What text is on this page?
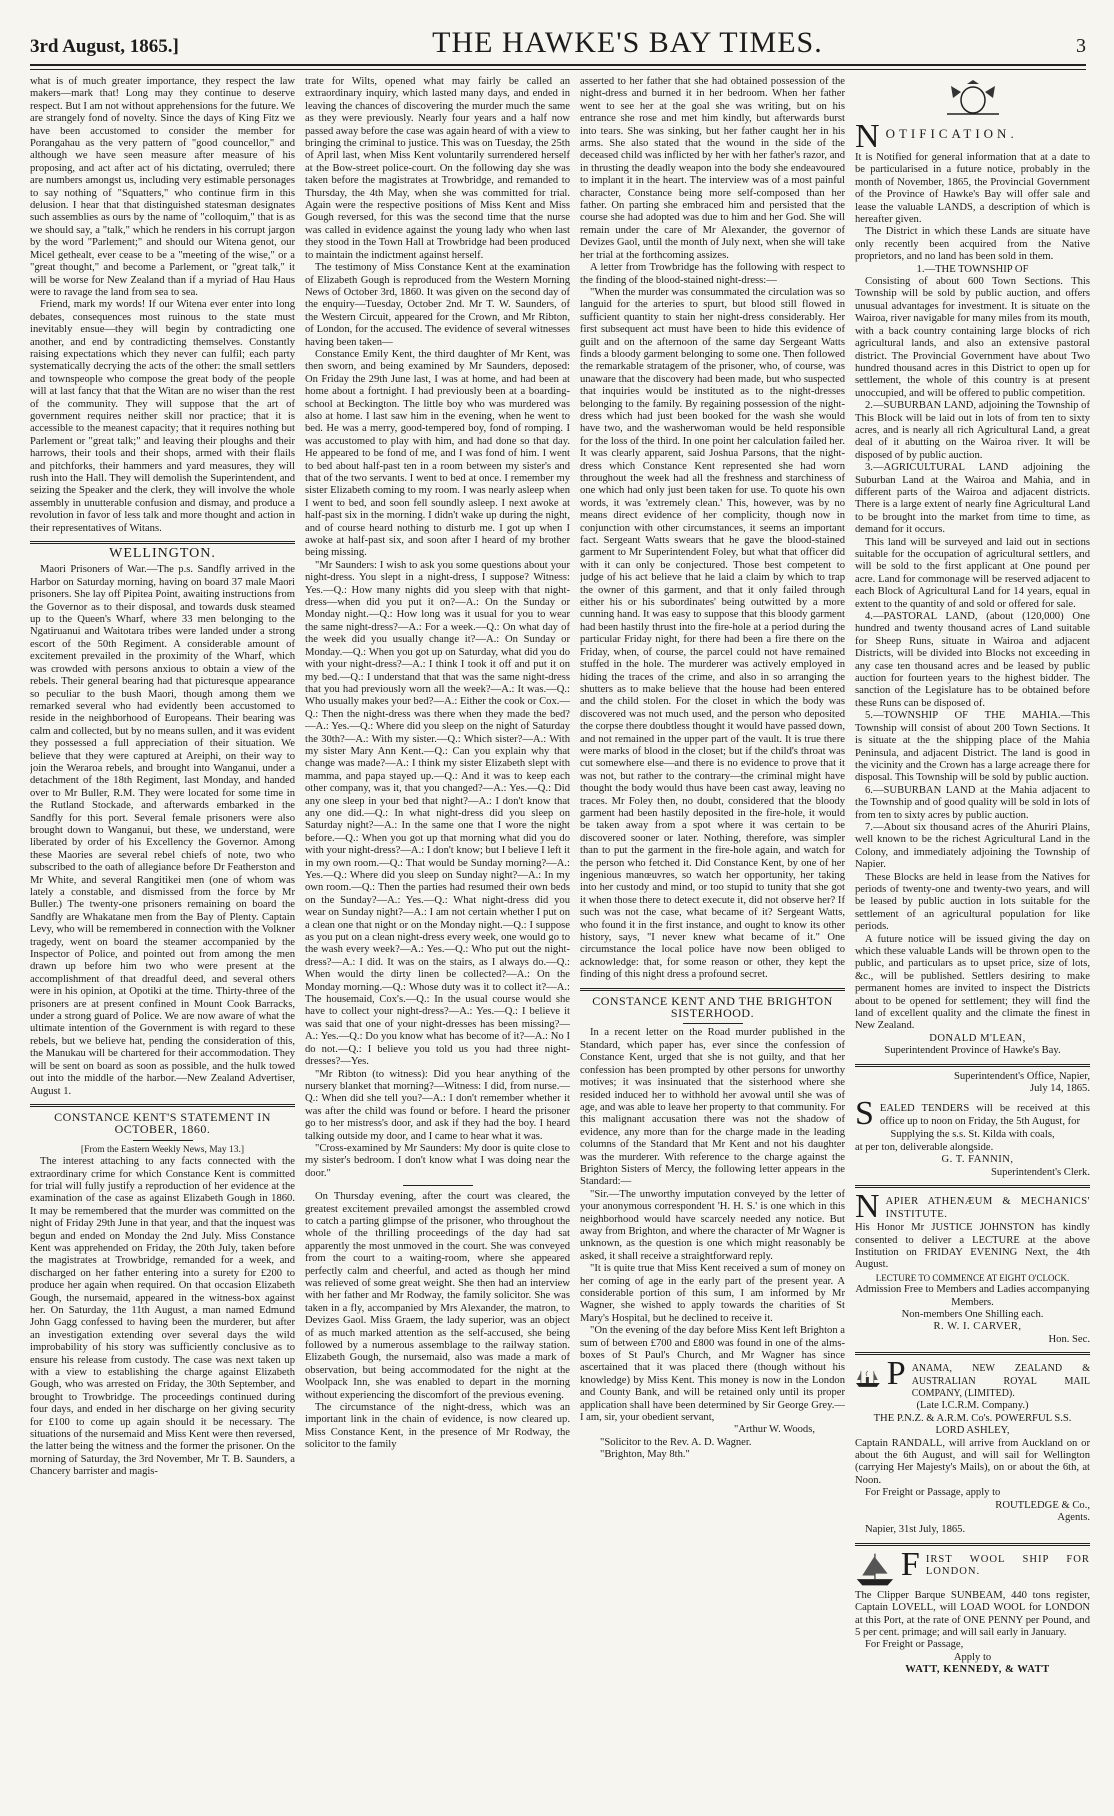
3rd August, 1865.]	THE HAWKE'S BAY TIMES.	3

what is of much greater importance, they respect the law makers—mark that! Long may they continue to deserve respect. But I am not without apprehensions for the future. We are strangely fond of novelty. Since the days of King Fitz we have been accustomed to consider the member for Porangahau as the very pattern of "good councellor," and although we have seen measure after measure of his proposing, and act after act of his dictating, overruled; there are numbers amongst us, including very estimable personages to say nothing of "Squatters," who continue firm in this delusion. I hear that that distinguished statesman designates such assemblies as ours by the name of "colloquim," that is as we should say, a "talk," which he renders in his corrupt jargon by the word "Parlement;" and should our Witena genot, our Micel gethealt, ever cease to be a "meeting of the wise," or a "great thought," and become a Parlement, or "great talk," it will be worse for New Zealand than if a myriad of Hau Haus were to ravage the land from sea to sea.

Friend, mark my words! If our Witena ever enter into long debates, consequences most ruinous to the state must inevitably ensue—they will begin by contradicting one another, and end by contradicting themselves. Constantly raising expectations which they never can fulfil; each party systematically decrying the acts of the other: the small settlers and townspeople who compose the great body of the people will at last fancy that that the Witan are no wiser than the rest of the community. They will suppose that the art of government requires neither skill nor practice; that it is accessible to the meanest capacity; that it requires nothing but Parlement or "great talk;" and leaving their ploughs and their harrows, their tools and their shops, armed with their flails and pitchforks, their hammers and yard measures, they will rush into the Hall. They will demolish the Superintendent, and seizing the Speaker and the clerk, they will involve the whole assembly in unutterable confusion and dismay, and produce a revolution in favor of less talk and more thought and action in their representatives of Witans.

WELLINGTON.

Maori Prisoners of War.—The p.s. Sandfly arrived in the Harbor on Saturday morning, having on board 37 male Maori prisoners. She lay off Pipitea Point, awaiting instructions from the Governor as to their disposal, and towards dusk steamed up to the Queen's Wharf, where 33 men belonging to the Ngatiruanui and Waitotara tribes were landed under a strong escort of the 50th Regiment. A considerable amount of excitement prevailed in the proximity of the Wharf, which was crowded with persons anxious to obtain a view of the rebels. Their general bearing had that picturesque appearance so peculiar to the bush Maori, though among them we remarked several who had evidently been accustomed to reside in the neighborhood of Europeans. Their bearing was calm and collected, but by no means sullen, and it was evident they possessed a full appreciation of their situation. We believe that they were captured at Areiphi, on their way to join the Weraroa rebels, and brought into Wanganui, under a detachment of the 18th Regiment, last Monday, and handed over to Mr Buller, R.M. They were located for some time in the Rutland Stockade, and afterwards embarked in the Sandfly for this port. Several female prisoners were also brought down to Wanganui, but these, we understand, were liberated by order of his Excellency the Governor. Among these Maories are several rebel chiefs of note, two who subscribed to the oath of allegiance before Dr Featherston and Mr White, and several Rangitikei men (one of whom was lately a constable, and dismissed from the force by Mr Buller.) The twenty-one prisoners remaining on board the Sandfly are Whakatane men from the Bay of Plenty. Captain Levy, who will be remembered in connection with the Volkner tragedy, went on board the steamer accompanied by the Inspector of Police, and pointed out from among the men drawn up before him two who were present at the accomplishment of that dreadful deed, and several others were in his opinion, at Opotiki at the time. Thirty-three of the prisoners are at present confined in Mount Cook Barracks, under a strong guard of Police. We are now aware of what the ultimate intention of the Government is with regard to these rebels, but we believe hat, pending the consideration of this, the Manukau will be chartered for their accommodation. They will be sent on board as soon as possible, and the hulk towed out into the middle of the harbor.—New Zealand Advertiser, August 1.

CONSTANCE KENT'S STATEMENT IN OCTOBER, 1860.

[From the Eastern Weekly News, May 13.]

The interest attaching to any facts connected with the extraordinary crime for which Constance Kent is committed for trial will fully justify a reproduction of her evidence at the examination of the case as against Elizabeth Gough in 1860. It may be remembered that the murder was committed on the night of Friday 29th June in that year, and that the inquest was begun and ended on Monday the 2nd July. Miss Constance Kent was apprehended on Friday, the 20th July, taken before the magistrates at Trowbridge, remanded for a week, and discharged on her father entering into a surety for £200 to produce her again when required. On that occasion Elizabeth Gough, the nursemaid, appeared in the witness-box against her. On Saturday, the 11th August, a man named Edmund John Gagg confessed to having been the murderer, but after an investigation extending over several days the wild improbability of his story was sufficiently conclusive as to ensure his release from custody. The case was next taken up with a view to establishing the charge against Elizabeth Gough, who was arrested on Friday, the 30th September, and brought to Trowbridge. The proceedings continued during four days, and ended in her discharge on her giving security for £100 to come up again should it be necessary. The situations of the nursemaid and Miss Kent were then reversed, the latter being the witness and the former the prisoner. On the morning of Saturday, the 3rd November, Mr T. B. Saunders, a Chancery barrister and magis-

trate for Wilts, opened what may fairly be called an extraordinary inquiry, which lasted many days, and ended in leaving the chances of discovering the murder much the same as they were previously. Nearly four years and a half now passed away before the case was again heard of with a view to bringing the criminal to justice. This was on Tuesday, the 25th of April last, when Miss Kent voluntarily surrendered herself at the Bow-street police-court. On the following day she was taken before the magistrates at Trowbridge, and remanded to Thursday, the 4th May, when she was committed for trial. Again were the respective positions of Miss Kent and Miss Gough reversed, for this was the second time that the nurse was called in evidence against the young lady who when last they stood in the Town Hall at Trowbridge had been produced to maintain the indictment against herself.

The testimony of Miss Constance Kent at the examination of Elizabeth Gough is reproduced from the Western Morning News of October 3rd, 1860. It was given on the second day of the enquiry—Tuesday, October 2nd. Mr T. W. Saunders, of the Western Circuit, appeared for the Crown, and Mr Ribton, of London, for the accused. The evidence of several witnesses having been taken—

Constance Emily Kent, the third daughter of Mr Kent, was then sworn, and being examined by Mr Saunders, deposed: On Friday the 29th June last, I was at home, and had been at home about a fortnight. I had previously been at a boarding-school at Beckington. The little boy who was murdered was also at home. I last saw him in the evening, when he went to bed. He was a merry, good-tempered boy, fond of romping. I was accustomed to play with him, and had done so that day. He appeared to be fond of me, and I was fond of him. I went to bed about half-past ten in a room between my sister's and that of the two servants. I went to bed at once. I remember my sister Elizabeth coming to my room. I was nearly asleep when I went to bed, and soon fell soundly asleep. I next awoke at half-past six in the morning. I didn't wake up during the night, and of course heard nothing to disturb me. I got up when I awoke at half-past six, and soon after I heard of my brother being missing.

"Mr Saunders: I wish to ask you some questions about your night-dress. You slept in a night-dress, I suppose? Witness: Yes.—Q.: How many nights did you sleep with that night-dress—when did you put it on?—A.: On the Sunday or Monday night.—Q.: How long was it usual for you to wear the same night-dress?—A.: For a week.—Q.: On what day of the week did you usually change it?—A.: On Sunday or Monday.—Q.: When you got up on Saturday, what did you do with your night-dress?—A.: I think I took it off and put it on my bed.—Q.: I understand that that was the same night-dress that you had previously worn all the week?—A.: It was.—Q.: Who usually makes your bed?—A.: Either the cook or Cox.—Q.: Then the night-dress was there when they made the bed?—A.: Yes.—Q.: Where did you sleep on the night of Saturday the 30th?—A.: With my sister.—Q.: Which sister?—A.: With my sister Mary Ann Kent.—Q.: Can you explain why that change was made?—A.: I think my sister Elizabeth slept with mamma, and papa stayed up.—Q.: And it was to keep each other company, was it, that you changed?—A.: Yes.—Q.: Did any one sleep in your bed that night?—A.: I don't know that any one did.—Q.: In what night-dress did you sleep on Saturday night?—A.: In the same one that I wore the night before.—Q.: When you got up that morning what did you do with your night-dress?—A.: I don't know; but I believe I left it in my own room.—Q.: That would be Sunday morning?—A.: Yes.—Q.: Where did you sleep on Sunday night?—A.: In my own room.—Q.: Then the parties had resumed their own beds on the Sunday?—A.: Yes.—Q.: What night-dress did you wear on Sunday night?—A.: I am not certain whether I put on a clean one that night or on the Monday night.—Q.: I suppose as you put on a clean night-dress every week, one would go to the wash every week?—A.: Yes.—Q.: Who put out the night-dress?—A.: I did. It was on the stairs, as I always do.—Q.: When would the dirty linen be collected?—A.: On the Monday morning.—Q.: Whose duty was it to collect it?—A.: The housemaid, Cox's.—Q.: In the usual course would she have to collect your night-dress?—A.: Yes.—Q.: I believe it was said that one of your night-dresses has been missing?—A.: Yes.—Q.: Do you know what has become of it?—A.: No I do not.—Q.: I believe you told us you had three night-dresses?—Yes.

"Mr Ribton (to witness): Did you hear anything of the nursery blanket that morning?—Witness: I did, from nurse.—Q.: When did she tell you?—A.: I don't remember whether it was after the child was found or before. I heard the prisoner go to her mistress's door, and ask if they had the boy. I heard talking outside my door, and I came to hear what it was.

"Cross-examined by Mr Saunders: My door is quite close to my sister's bedroom. I don't know what I was doing near the door."

On Thursday evening, after the court was cleared, the greatest excitement prevailed amongst the assembled crowd to catch a parting glimpse of the prisoner, who throughout the whole of the thrilling proceedings of the day had sat apparently the most unmoved in the court. She was conveyed from the court to a waiting-room, where she appeared perfectly calm and cheerful, and acted as though her mind was relieved of some great weight. She then had an interview with her father and Mr Rodway, the family solicitor. She was taken in a fly, accompanied by Mrs Alexander, the matron, to Devizes Gaol. Miss Graem, the lady superior, was an object of as much marked attention as the self-accused, she being followed by a numerous assemblage to the railway station. Elizabeth Gough, the nursemaid, also was made a mark of observation, but being accommodated for the night at the Woolpack Inn, she was enabled to depart in the morning without experiencing the discomfort of the previous evening.

The circumstance of the night-dress, which was an important link in the chain of evidence, is now cleared up. Miss Constance Kent, in the presence of Mr Rodway, the solicitor to the family

asserted to her father that she had obtained possession of the night-dress and burned it in her bedroom. When her father went to see her at the goal she was writing, but on his entrance she rose and met him kindly, but afterwards burst into tears. She was sinking, but her father caught her in his arms. She also stated that the wound in the side of the deceased child was inflicted by her with her father's razor, and in thrusting the deadly weapon into the body she endeavoured to implant it in the heart. The interview was of a most painful character, Constance being more self-composed than her father. On parting she embraced him and persisted that the course she had adopted was due to him and her God. She will remain under the care of Mr Alexander, the governor of Devizes Gaol, until the month of July next, when she will take her trial at the forthcoming assizes.

A letter from Trowbridge has the following with respect to the finding of the blood-stained night-dress:—

"When the murder was consummated the circulation was so languid for the arteries to spurt, but blood still flowed in sufficient quantity to stain her night-dress considerably. Her first subsequent act must have been to hide this evidence of guilt and on the afternoon of the same day Sergeant Watts finds a bloody garment belonging to some one. Then followed the remarkable stratagem of the prisoner, who, of course, was unaware that the discovery had been made, but who suspected that inquiries would be instituted as to the night-dresses belonging to the family. By regaining possession of the night-dress which had just been booked for the wash she would have two, and the washerwoman would be held responsible for the loss of the third. In one point her calculation failed her. It was clearly apparent, said Joshua Parsons, that the night-dress which Constance Kent represented she had worn throughout the week had all the freshness and starchiness of one which had only just been taken for use. To quote his own words, it was 'extremely clean.' This, however, was by no means direct evidence of her complicity, though now in conjunction with other circumstances, it seems an important fact. Sergeant Watts swears that he gave the blood-stained garment to Mr Superintendent Foley, but what that officer did with it can only be conjectured. Those best competent to judge of his act believe that he laid a claim by which to trap the owner of this garment, and that it only failed through either his or his subordinates' being outwitted by a more cunning hand. It was easy to suppose that this bloody garment had been hastily thrust into the fire-hole at a period during the particular Friday night, for there had been a fire there on the Friday, when, of course, the parcel could not have remained stuffed in the hole. The murderer was actively employed in hiding the traces of the crime, and also in so arranging the shutters as to make believe that the house had been entered and the child stolen. For the closet in which the body was discovered was not much used, and the person who deposited the corpse there doubtless thought it would have passed down, and not remained in the upper part of the vault. It is true there were marks of blood in the closet; but if the child's throat was cut somewhere else—and there is no evidence to prove that it was not, but rather to the contrary—the criminal might have thought the body would thus have been cast away, leaving no traces. Mr Foley then, no doubt, considered that the bloody garment had been hastily deposited in the fire-hole, it would be taken away from a spot where it was certain to be discovered sooner or later. Nothing, therefore, was simpler than to put the garment in the fire-hole again, and watch for the person who fetched it. Did Constance Kent, by one of her ingenious manœuvres, so watch her opportunity, her taking into her custody and mind, or too stupid to tunity that she got it when those there to detect execute it, did not observe her? If such was not the case, what became of it? Sergeant Watts, who found it in the first instance, and ought to know its other history, says, "I never knew what became of it." One circumstance the local police have now been obliged to acknowledge: that, for some reason or other, they kept the finding of this night dress a profound secret.

CONSTANCE KENT AND THE BRIGHTON SISTERHOOD.

In a recent letter on the Road murder published in the Standard, which paper has, ever since the confession of Constance Kent, urged that she is not guilty, and that her confession has been prompted by other persons for unworthy motives; it was insinuated that the sisterhood where she resided induced her to withhold her avowal until she was of age, and was able to leave her property to that community. For this malignant accusation there was not the shadow of evidence, any more than for the charge made in the leading columns of the Standard that Mr Kent and not his daughter was the murderer. With reference to the charge against the Brighton Sisters of Mercy, the following letter appears in the Standard:—

"Sir.—The unworthy imputation conveyed by the letter of your anonymous correspondent 'H. H. S.' is one which in this neighborhood would have scarcely needed any notice. But away from Brighton, and where the character of Mr Wagner is unknown, as the question is one which might reasonably be asked, it shall receive a straightforward reply.

"It is quite true that Miss Kent received a sum of money on her coming of age in the early part of the present year. A considerable portion of this sum, I am informed by Mr Wagner, she wished to apply towards the charities of St Mary's Hospital, but he declined to receive it.

"On the evening of the day before Miss Kent left Brighton a sum of between £700 and £800 was found in one of the alms-boxes of St Paul's Church, and Mr Wagner has since ascertained that it was placed there (though without his knowledge) by Miss Kent. This money is now in the London and County Bank, and will be retained only until its proper application shall have been determined by Sir George Grey.—I am, sir, your obedient servant,

"Arthur W. Woods,

"Solicitor to the Rev. A. D. Wagner.

"Brighton, May 8th."

N OTIFICATION.

It is Notified for general information that at a date to be particularised in a future notice, probably in the month of November, 1865, the Provincial Government of the Province of Hawke's Bay will offer sale and lease the valuable LANDS, a description of which is hereafter given.

The District in which these Lands are situate have only recently been acquired from the Native proprietors, and no land has been sold in them.

1.—THE TOWNSHIP OF

Consisting of about 600 Town Sections. This Township will be sold by public auction, and offers unusual advantages for investment. It is situate on the Wairoa, river navigable for many miles from its mouth, with a back country containing large blocks of rich agricultural lands, and also an extensive pastoral district. The Provincial Government have about Two hundred thousand acres in this District to open up for settlement, the whole of this country is at present unoccupied, and will be offered to public competition.

2.—SUBURBAN LAND, adjoining the Township of This Block will be laid out in lots of from ten to sixty acres, and is nearly all rich Agricultural Land, a great deal of it abutting on the Wairoa river. It will be disposed of by public auction.

3.—AGRICULTURAL LAND adjoining the Suburban Land at the Wairoa and Mahia, and in different parts of the Wairoa and adjacent districts. There is a large extent of nearly fine Agricultural Land to be brought into the market from time to time, as demand for it occurs.

This land will be surveyed and laid out in sections suitable for the occupation of agricultural settlers, and will be sold to the first applicant at One pound per acre. Land for commonage will be reserved adjacent to each Block of Agricultural Land for 14 years, equal in extent to the quantity of and sold or offered for sale.

4.—PASTORAL LAND, (about (120,000) One hundred and twenty thousand acres of Land suitable for Sheep Runs, situate in Wairoa and adjacent Districts, will be divided into Blocks not exceeding in any case ten thousand acres and be leased by public auction for fourteen years to the highest bidder. The sanction of the Legislature has to be obtained before these Runs can be disposed of.

5.—TOWNSHIP OF THE MAHIA.—This Township will consist of about 200 Town Sections. It is situate at the the shipping place of the Mahia Peninsula, and adjacent District. The land is good in the vicinity and the Crown has a large acreage there for disposal. This Township will be sold by public auction.

6.—SUBURBAN LAND at the Mahia adjacent to the Township and of good quality will be sold in lots of from ten to sixty acres by public auction.

7.—About six thousand acres of the Ahuriri Plains, well known to be the richest Agricultural Land in the Colony, and immediately adjoining the Township of Napier.

These Blocks are held in lease from the Natives for periods of twenty-one and twenty-two years, and will be leased by public auction in lots suitable for the settlement of an agricultural population for like periods.

A future notice will be issued giving the day on which these valuable Lands will be thrown open to the public, and particulars as to upset price, size of lots, &c., will be published. Settlers desiring to make permanent homes are invited to inspect the Districts about to be opened for settlement; they will find the land of excellent quality and the climate the finest in New Zealand.

DONALD M'LEAN,

Superintendent Province of Hawke's Bay.

Superintendent's Office, Napier,

July 14, 1865.

S EALED TENDERS will be received at this office up to noon on Friday, the 5th August, for

Supplying the s.s. St. Kilda with coals,

at per ton, deliverable alongside.

G. T. FANNIN,

Superintendent's Clerk.

N APIER ATHENÆUM & MECHANICS' INSTITUTE.

His Honor Mr JUSTICE JOHNSTON has kindly consented to deliver a LECTURE at the above Institution on FRIDAY EVENING Next, the 4th August.

LECTURE TO COMMENCE AT EIGHT O'CLOCK.

Admission Free to Members and Ladies accompanying Members.

Non-members One Shilling each.

R. W. I. CARVER,

Hon. Sec.

P ANAMA, NEW ZEALAND & AUSTRALIAN ROYAL MAIL COMPANY, (LIMITED).

(Late I.C.R.M. Company.)

THE P.N.Z. & A.R.M. Co's. POWERFUL S.S.

LORD ASHLEY,

Captain RANDALL, will arrive from Auckland on or about the 6th August, and will sail for Wellington (carrying Her Majesty's Mails), on or about the 6th, at Noon.

For Freight or Passage, apply to

ROUTLEDGE & Co.,

Agents.

Napier, 31st July, 1865.

F IRST WOOL SHIP FOR LONDON.

The Clipper Barque SUNBEAM, 440 tons register, Captain LOVELL, will LOAD WOOL for LONDON at this Port, at the rate of ONE PENNY per Pound, and 5 per cent. primage; and will sail early in January.

For Freight or Passage,

Apply to

WATT, KENNEDY, & WATT
